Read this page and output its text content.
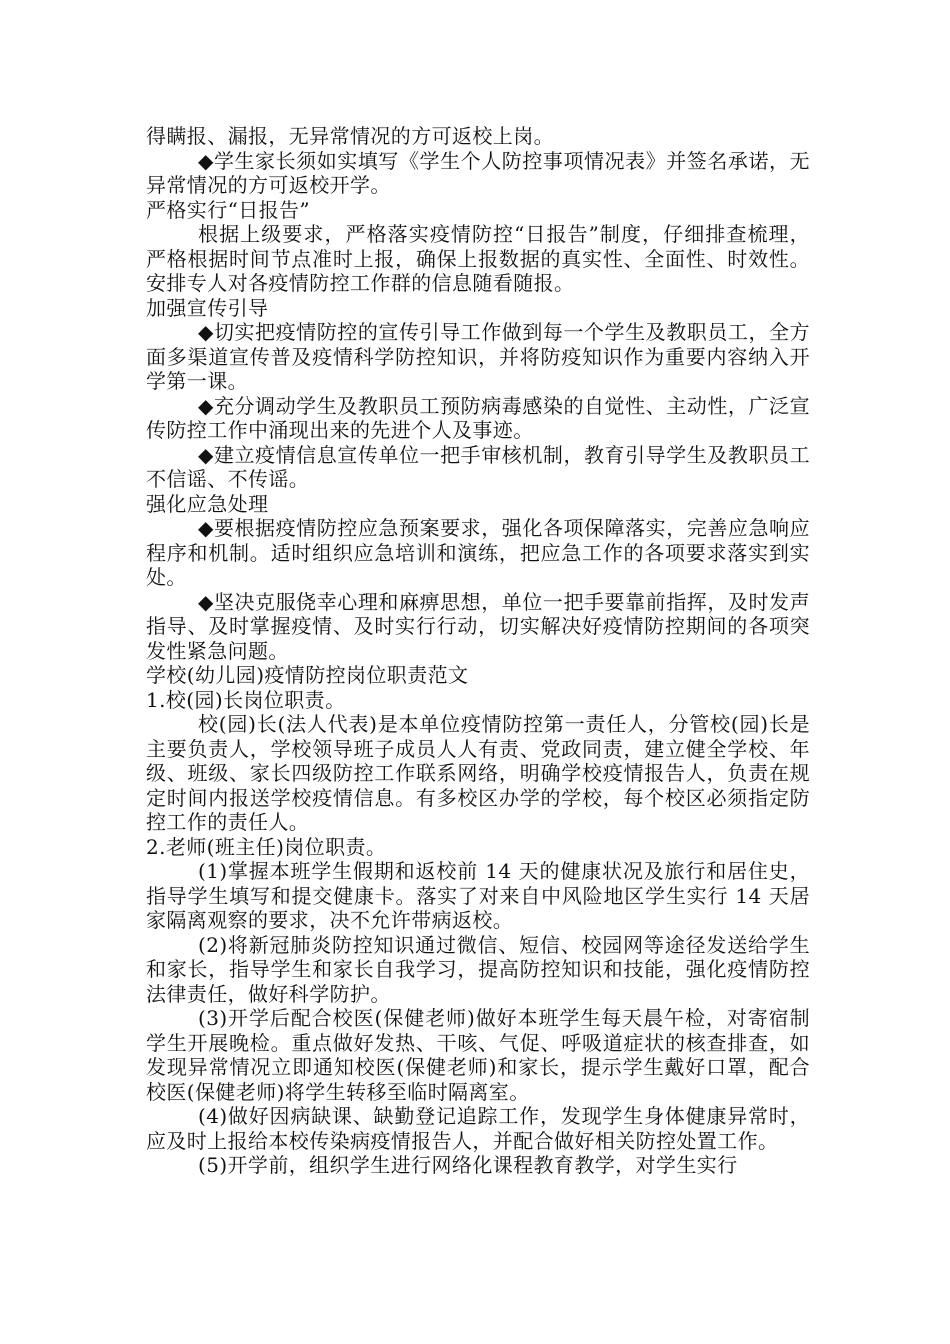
得瞒报、漏报，无异常情况的方可返校上岗。

◆学生家长须如实填写《学生个人防控事项情况表》并签名承诺，无异常情况的方可返校开学。

严格实行“日报告”

根据上级要求，严格落实疫情防控“日报告”制度，仔细排查梳理，严格根据时间节点准时上报，确保上报数据的真实性、全面性、时效性。安排专人对各疫情防控工作群的信息随看随报。

加强宣传引导

◆切实把疫情防控的宣传引导工作做到每一个学生及教职员工，全方面多渠道宣传普及疫情科学防控知识，并将防疫知识作为重要内容纳入开学第一课。

◆充分调动学生及教职员工预防病毒感染的自觉性、主动性，广泛宣传防控工作中涌现出来的先进个人及事迹。

◆建立疫情信息宣传单位一把手审核机制，教育引导学生及教职员工不信谣、不传谣。

强化应急处理

◆要根据疫情防控应急预案要求，强化各项保障落实，完善应急响应程序和机制。适时组织应急培训和演练，把应急工作的各项要求落实到实处。

◆坚决克服侥幸心理和麻痹思想，单位一把手要靠前指挥，及时发声指导、及时掌握疫情、及时实行行动，切实解决好疫情防控期间的各项突发性紧急问题。

学校(幼儿园)疫情防控岗位职责范文

1.校(园)长岗位职责。

校(园)长(法人代表)是本单位疫情防控第一责任人，分管校(园)长是主要负责人，学校领导班子成员人人有责、党政同责，建立健全学校、年级、班级、家长四级防控工作联系网络，明确学校疫情报告人，负责在规定时间内报送学校疫情信息。有多校区办学的学校，每个校区必须指定防控工作的责任人。

2.老师(班主任)岗位职责。

(1)掌握本班学生假期和返校前 14 天的健康状况及旅行和居住史，指导学生填写和提交健康卡。落实了对来自中风险地区学生实行 14 天居家隔离观察的要求，决不允许带病返校。

(2)将新冠肺炎防控知识通过微信、短信、校园网等途径发送给学生和家长，指导学生和家长自我学习，提高防控知识和技能，强化疫情防控法律责任，做好科学防护。

(3)开学后配合校医(保健老师)做好本班学生每天晨午检，对寄宿制学生开展晚检。重点做好发热、干咳、气促、呼吸道症状的核查排查，如发现异常情况立即通知校医(保健老师)和家长，提示学生戴好口罩，配合校医(保健老师)将学生转移至临时隔离室。

(4)做好因病缺课、缺勤登记追踪工作，发现学生身体健康异常时，应及时上报给本校传染病疫情报告人，并配合做好相关防控处置工作。

(5)开学前，组织学生进行网络化课程教育教学，对学生实行
